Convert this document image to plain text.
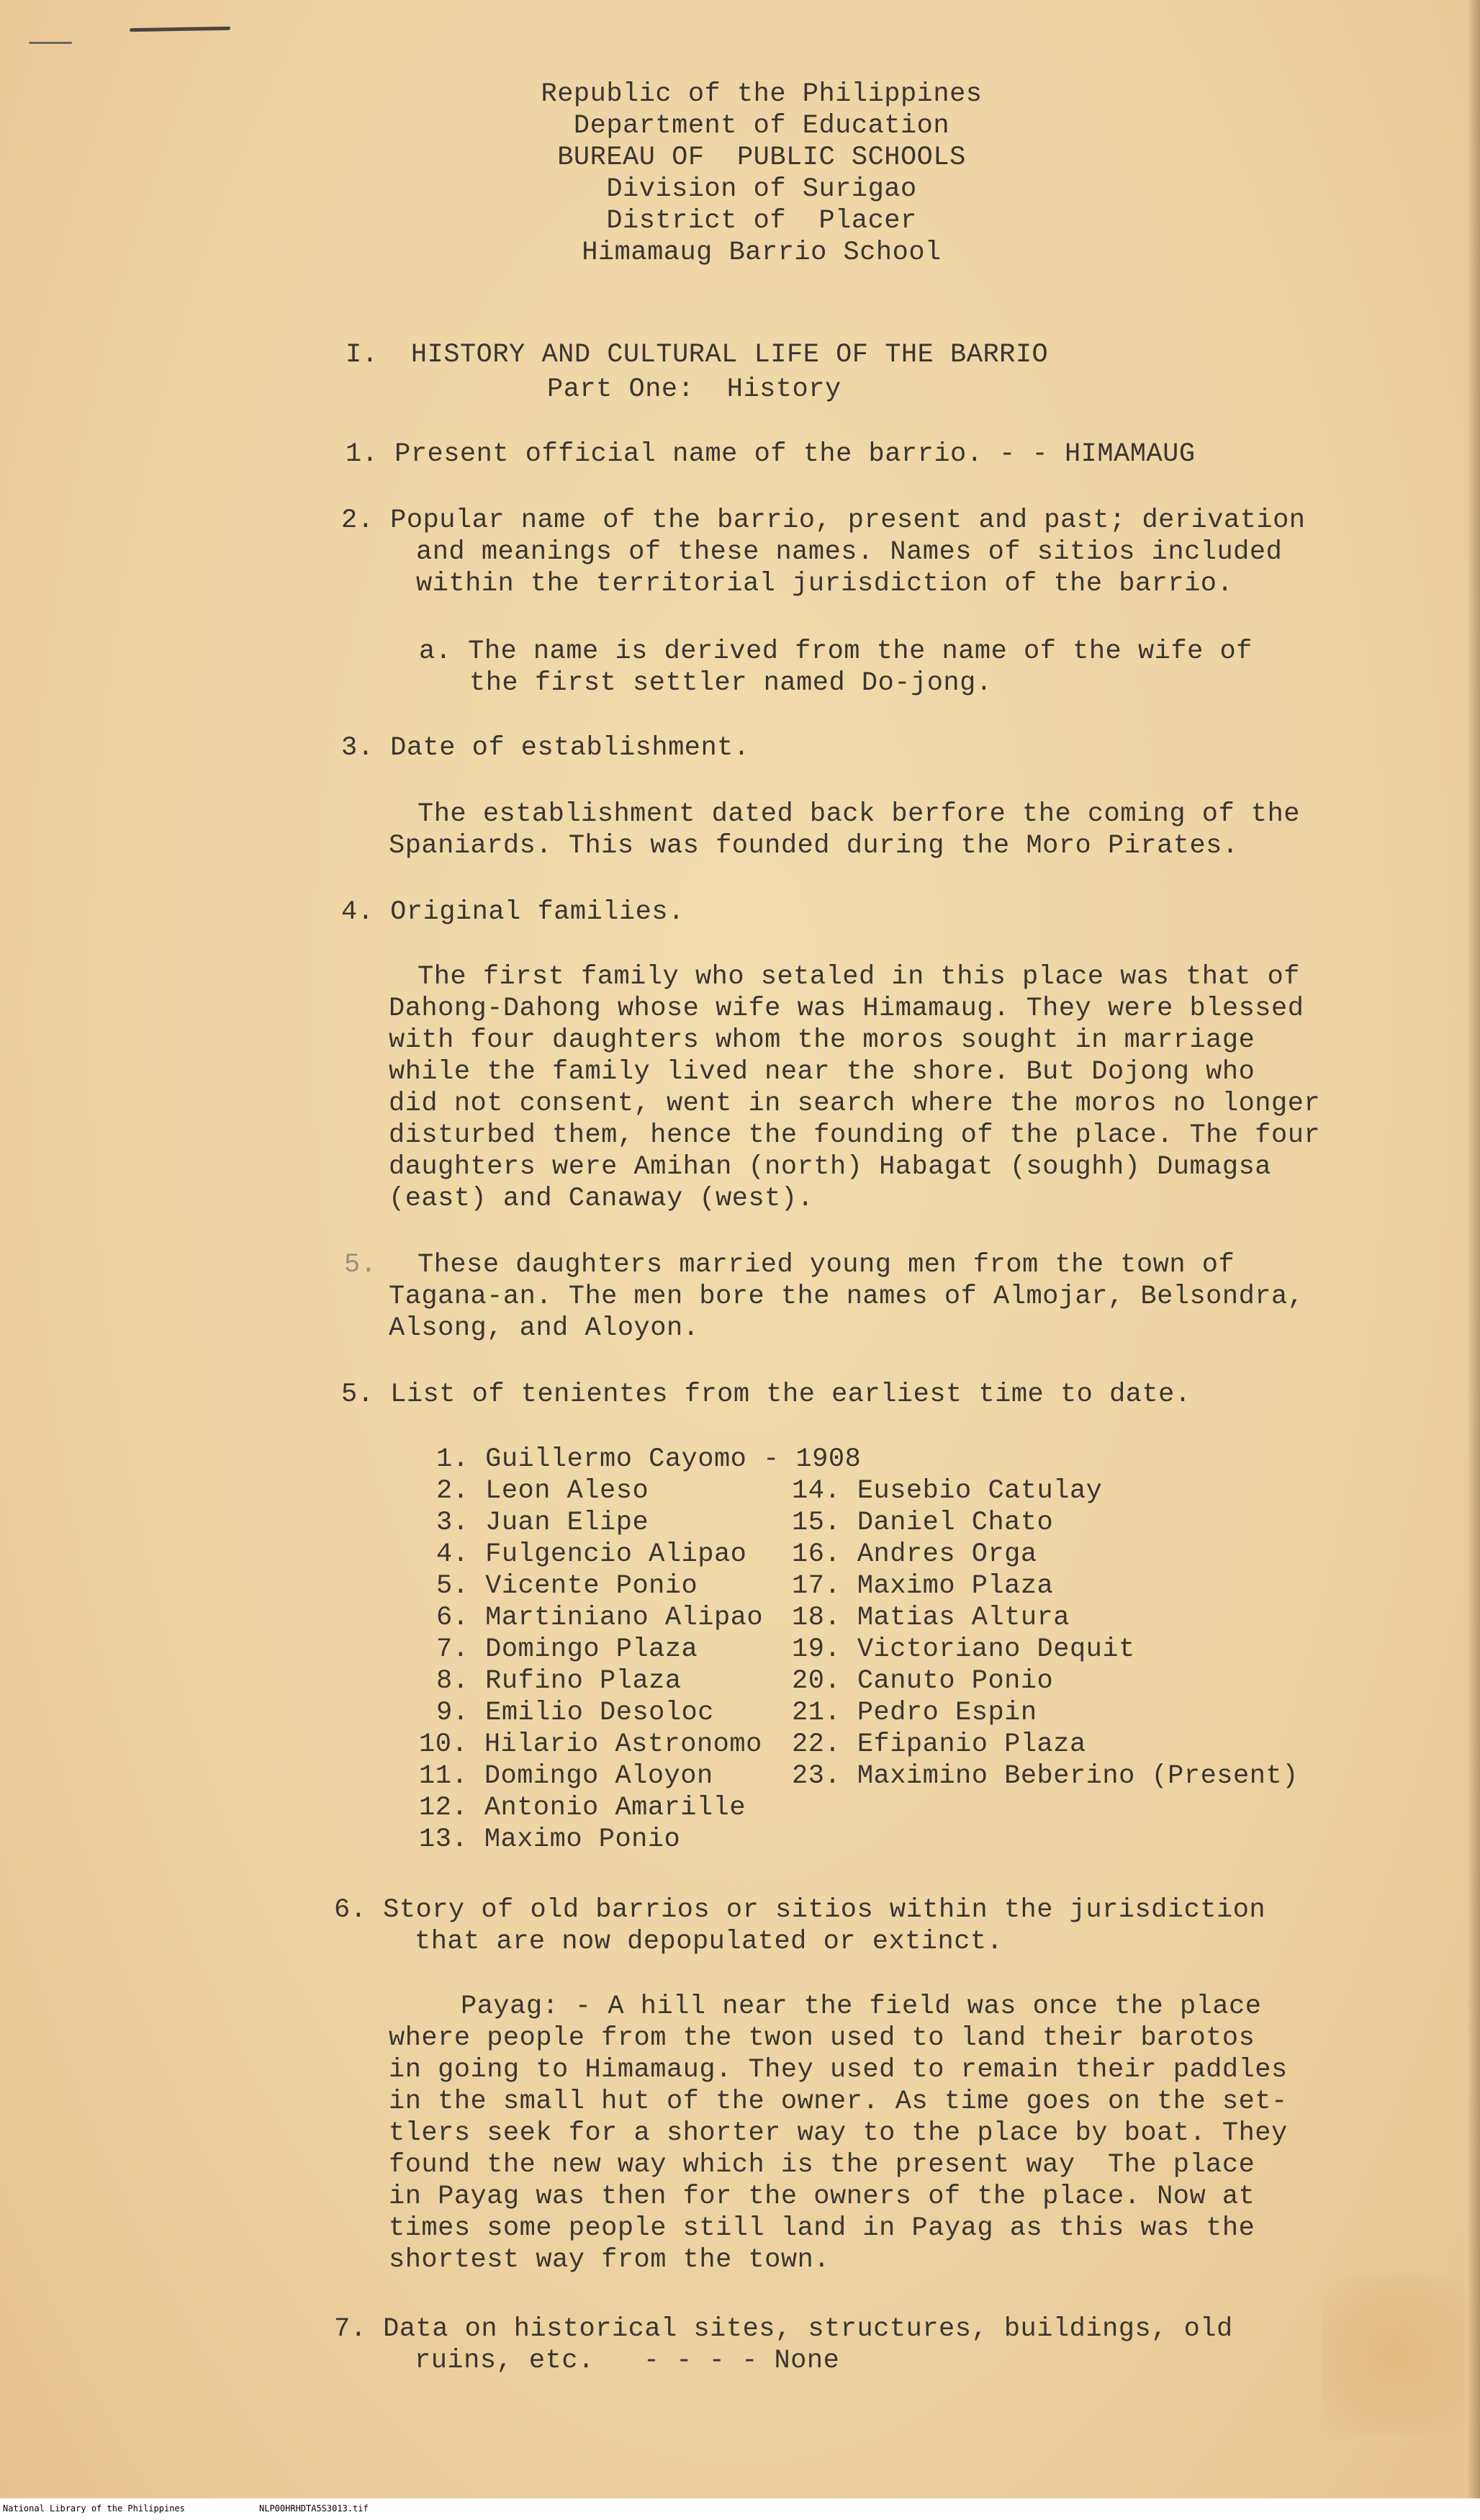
Republic of the Philippines
Department of Education
BUREAU OF  PUBLIC SCHOOLS
Division of Surigao
District of  Placer
Himamaug Barrio School
I.  HISTORY AND CULTURAL LIFE OF THE BARRIO
Part One:  History
1. Present official name of the barrio. - - HIMAMAUG
2. Popular name of the barrio, present and past; derivation
and meanings of these names. Names of sitios included
within the territorial jurisdiction of the barrio.
a. The name is derived from the name of the wife of
the first settler named Do-jong.
3. Date of establishment.
The establishment dated back berfore the coming of the
Spaniards. This was founded during the Moro Pirates.
4. Original families.
The first family who setaled in this place was that of
Dahong-Dahong whose wife was Himamaug. They were blessed
with four daughters whom the moros sought in marriage
while the family lived near the shore. But Dojong who
did not consent, went in search where the moros no longer
disturbed them, hence the founding of the place. The four
daughters were Amihan (north) Habagat (soughh) Dumagsa
(east) and Canaway (west).
5. These daughters married young men from the town of
Tagana-an. The men bore the names of Almojar, Belsondra,
Alsong, and Aloyon.
5. List of tenientes from the earliest time to date.
1. Guillermo Cayomo - 1908
2. Leon Aleso
3. Juan Elipe
4. Fulgencio Alipao
5. Vicente Ponio
6. Martiniano Alipao
7. Domingo Plaza
8. Rufino Plaza
9. Emilio Desoloc
10. Hilario Astronomo
11. Domingo Aloyon
12. Antonio Amarille
13. Maximo Ponio
14. Eusebio Catulay
15. Daniel Chato
16. Andres Orga
17. Maximo Plaza
18. Matias Altura
19. Victoriano Dequit
20. Canuto Ponio
21. Pedro Espin
22. Efipanio Plaza
23. Maximino Beberino (Present)
6. Story of old barrios or sitios within the jurisdiction
that are now depopulated or extinct.
Payag: - A hill near the field was once the place
where people from the twon used to land their barotos
in going to Himamaug. They used to remain their paddles
in the small hut of the owner. As time goes on the set-
tlers seek for a shorter way to the place by boat. They
found the new way which is the present way  The place
in Payag was then for the owners of the place. Now at
times some people still land in Payag as this was the
shortest way from the town.
7. Data on historical sites, structures, buildings, old
ruins, etc.   - - - - None
National Library of the Philippines	NLP00HRHDTA5S3013.tif
